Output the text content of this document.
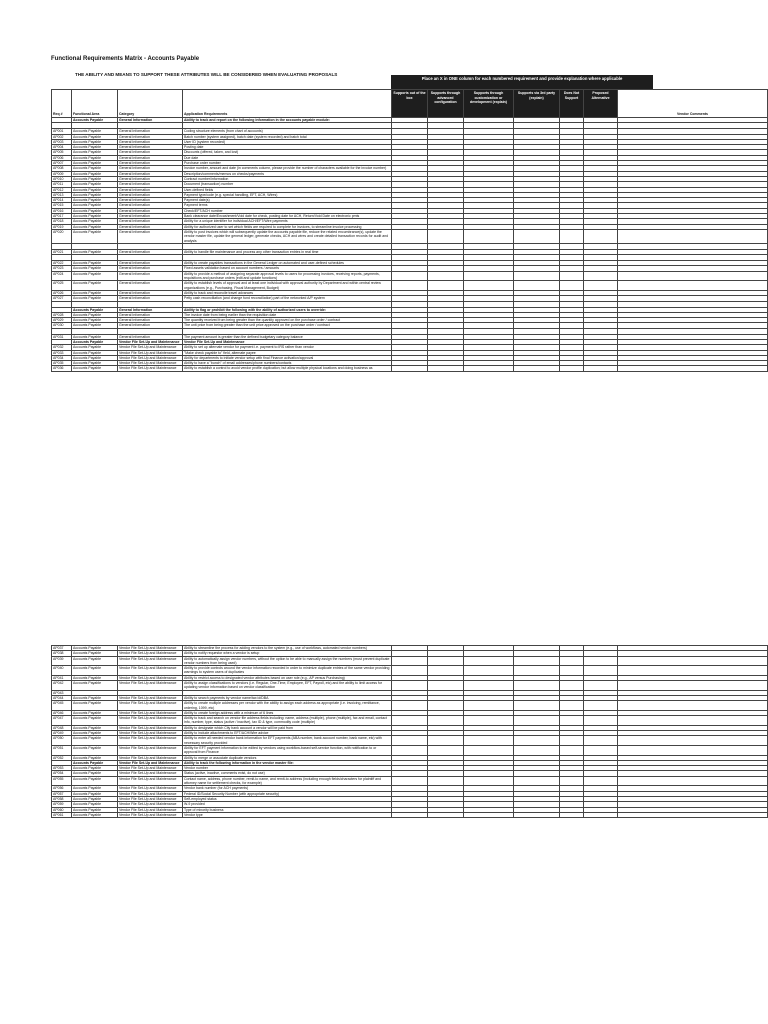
Functional Requirements Matrix - Accounts Payable
THE ABILITY AND MEANS TO SUPPORT THESE ATTRIBUTES WILL BE CONSIDERED WHEN EVALUATING PROPOSALS
Place an X in ONE column for each numbered requirement and provide explanation where applicable
Req #	Functional Area	Category	Application Requirements	Supports out of the box	Supports through advanced configuration	Supports through customization or development (explain)	Supports via 3rd party (explain)	Does Not Support	Proposed Alternative	Vendor Comments
	Accounts Payable	General Information	Ability to track and report on the following information in the accounts payable module:							

AP001	Accounts Payable	General Information	Coding structure elements (from chart of accounts)							
AP002	Accounts Payable	General Information	Batch number (system assigned), batch date (system recorded) and batch total							
AP003	Accounts Payable	General Information	User ID (system recorded)							
AP004	Accounts Payable	General Information	Posting date							
AP005	Accounts Payable	General Information	Discounts (offered, taken, and lost)							
AP006	Accounts Payable	General Information	Due date							
AP007	Accounts Payable	General Information	Purchase order number							
AP008	Accounts Payable	General Information	Invoice number, amount and date (in comments column, please provide the number of characters available for the invoice number)							
AP009	Accounts Payable	General Information	Description/comments/memos on checks/payments							
AP010	Accounts Payable	General Information	Contract number/information							
AP011	Accounts Payable	General Information	Document (transaction) number							
AP012	Accounts Payable	General Information	User-defined fields							
AP013	Accounts Payable	General Information	Payment type/code (e.g. special handling, EFT, ACH, Wires)							
AP014	Accounts Payable	General Information	Payment date(s)							
AP015	Accounts Payable	General Information	Payment terms							
AP016	Accounts Payable	General Information	Check/EFT/ACH number							
AP017	Accounts Payable	General Information	Bank clearance date/Encashment/Void date for check, posting date for ACH, Return/Void Date on electronic pmts							
AP018	Accounts Payable	General Information	Ability for a unique identifier for individual ACH/EFT/Wire payments							
AP019	Accounts Payable	General Information	Ability for authorized user to set which fields are required to complete for invoices, to streamline invoice processing							
AP020	Accounts Payable	General Information	Ability to post invoices which will subsequently update the accounts payable file, reduce the related encumbrance(s), update the vendor master file, update the general ledger, generate checks, ACH and wires and create detailed transaction records for audit and analysis							

AP021	Accounts Payable	General Information	Ability to handle file maintenance and process any other transaction entries in real time							

AP022	Accounts Payable	General Information	Ability to create payables transactions in the General Ledger on automated and user-defined schedules							
AP023	Accounts Payable	General Information	Fixed assets validation based on account numbers / amounts							
AP024	Accounts Payable	General Information	Ability to provide a method of assigning separate approval levels to users for processing invoices, receiving reports, payments, requisitions and purchase orders (edit and update functions)							
AP025	Accounts Payable	General Information	Ability to establish levels of approval and at least one individual with approval authority by Department and within central review organizations (e.g., Purchasing, Fiscal Management, Budget)							
AP026	Accounts Payable	General Information	Ability to track and reconcile travel advances							
AP027	Accounts Payable	General Information	Petty cash reconciliation (and change fund reconciliation) part of the networked A/P system							

	Accounts Payable	General Information	Ability to flag or prohibit the following with the ability of authorized users to override:							
AP028	Accounts Payable	General Information	The invoice date from being earlier than the requisition date							
AP029	Accounts Payable	General Information	The quantity received from being greater than the quantity approved on the purchase order / contract							
AP030	Accounts Payable	General Information	The unit price from being greater than the unit price approved on the purchase order / contract							

AP031	Accounts Payable	General Information	The payment amount is greater than the defined budgetary category balance							
	Accounts Payable	Vendor File Set-Up and Maintenance	Vendor File Set-Up and Maintenance							
AP032	Accounts Payable	Vendor File Set-Up and Maintenance	Ability to set up alternate vendor for payment i.e. payment to IRS rather than vendor							
AP033	Accounts Payable	Vendor File Set-Up and Maintenance	"Make check payable to" field, alternate payee							
AP034	Accounts Payable	Vendor File Set-Up and Maintenance	Ability for departments to initiate vendor setup with final Finance activation/approval							
AP035	Accounts Payable	Vendor File Set-Up and Maintenance	Ability to have a "bunch" of email addresses/phone numbers/contacts							
AP036	Accounts Payable	Vendor File Set-Up and Maintenance	Ability to establish a control to avoid vendor profile duplication; but allow multiple physical locations and doing business as							
AP037	Accounts Payable	Vendor File Set-Up and Maintenance	Ability to streamline the process for adding vendors to the system (e.g., use of workflows, automated vendor numbers)							
AP038	Accounts Payable	Vendor File Set-Up and Maintenance	Ability to notify requestor when a vendor is setup							
AP039	Accounts Payable	Vendor File Set-Up and Maintenance	Ability to automatically assign vendor numbers, without the option to be able to manually assign the numbers (must prevent duplicate vendor numbers from being used)							
AP040	Accounts Payable	Vendor File Set-Up and Maintenance	Ability to provide controls around the vendor information recorded in order to minimize duplicate entries of the same vendor providing warnings to system users of duplicates							
AP041	Accounts Payable	Vendor File Set-Up and Maintenance	Ability to restrict access to designated vendor attributes based on user role (e.g., AP versus Purchasing)							
AP042	Accounts Payable	Vendor File Set-Up and Maintenance	Ability to assign classifications to vendors (i.e. Regular, One-Time, Employee, EFT, Payroll, etc) and the ability to limit access for updating vendor information based on vendor classification							
AP043										
AP044	Accounts Payable	Vendor File Set-Up and Maintenance	Ability to search payments by vendor name/tax id/DBA							
AP045	Accounts Payable	Vendor File Set-Up and Maintenance	Ability to create multiple addresses per vendor with the ability to assign each address as appropriate (i.e. invoicing, remittance, ordering, 1099, etc)							
AP046	Accounts Payable	Vendor File Set-Up and Maintenance	Ability to create foreign address with a minimum of 6 lines							
AP047	Accounts Payable	Vendor File Set-Up and Maintenance	Ability to track and search on vendor file address fields including: name, address (multiple), phone (multiple), fax and email, contact info, number, type, status (active / inactive), tax ID & type, commodity code (multiple)							
AP048	Accounts Payable	Vendor File Set-Up and Maintenance	Ability to designate which City bank account a vendor will be paid from							
AP049	Accounts Payable	Vendor File Set-Up and Maintenance	Ability to include attachments to EFT/ACH/Wire advice							
AP050	Accounts Payable	Vendor File Set-Up and Maintenance	Ability to enter all needed vendor bank information for EFT payments (ABA number, bank account number, bank name, etc) with necessary security provided							
AP051	Accounts Payable	Vendor File Set-Up and Maintenance	Ability for EFT payment information to be edited by vendors using workflow-based self-service function, with notification to or approval from Finance							
AP052	Accounts Payable	Vendor File Set-Up and Maintenance	Ability to merge or associate duplicate vendors							
	Accounts Payable	Vendor File Set-Up and Maintenance	Ability to track the following information in the vendor master file:							
AP053	Accounts Payable	Vendor File Set-Up and Maintenance	Vendor number							
AP054	Accounts Payable	Vendor File Set-Up and Maintenance	Status (active, inactive, comments exist, do not use)							
AP055	Accounts Payable	Vendor File Set-Up and Maintenance	Contact name, address, phone number, remit-to name, and remit-to address (including enough fields/characters for plaintiff and attorney name for settlement checks, for example)							
AP056	Accounts Payable	Vendor File Set-Up and Maintenance	Vendor bank number (for ACH payments)							
AP057	Accounts Payable	Vendor File Set-Up and Maintenance	Federal ID/Social Security Number (with appropriate security)							
AP058	Accounts Payable	Vendor File Set-Up and Maintenance	Self-employed status							
AP059	Accounts Payable	Vendor File Set-Up and Maintenance	W-9 provided							
AP060	Accounts Payable	Vendor File Set-Up and Maintenance	Type of minority business							
AP061	Accounts Payable	Vendor File Set-Up and Maintenance	Vendor type							
